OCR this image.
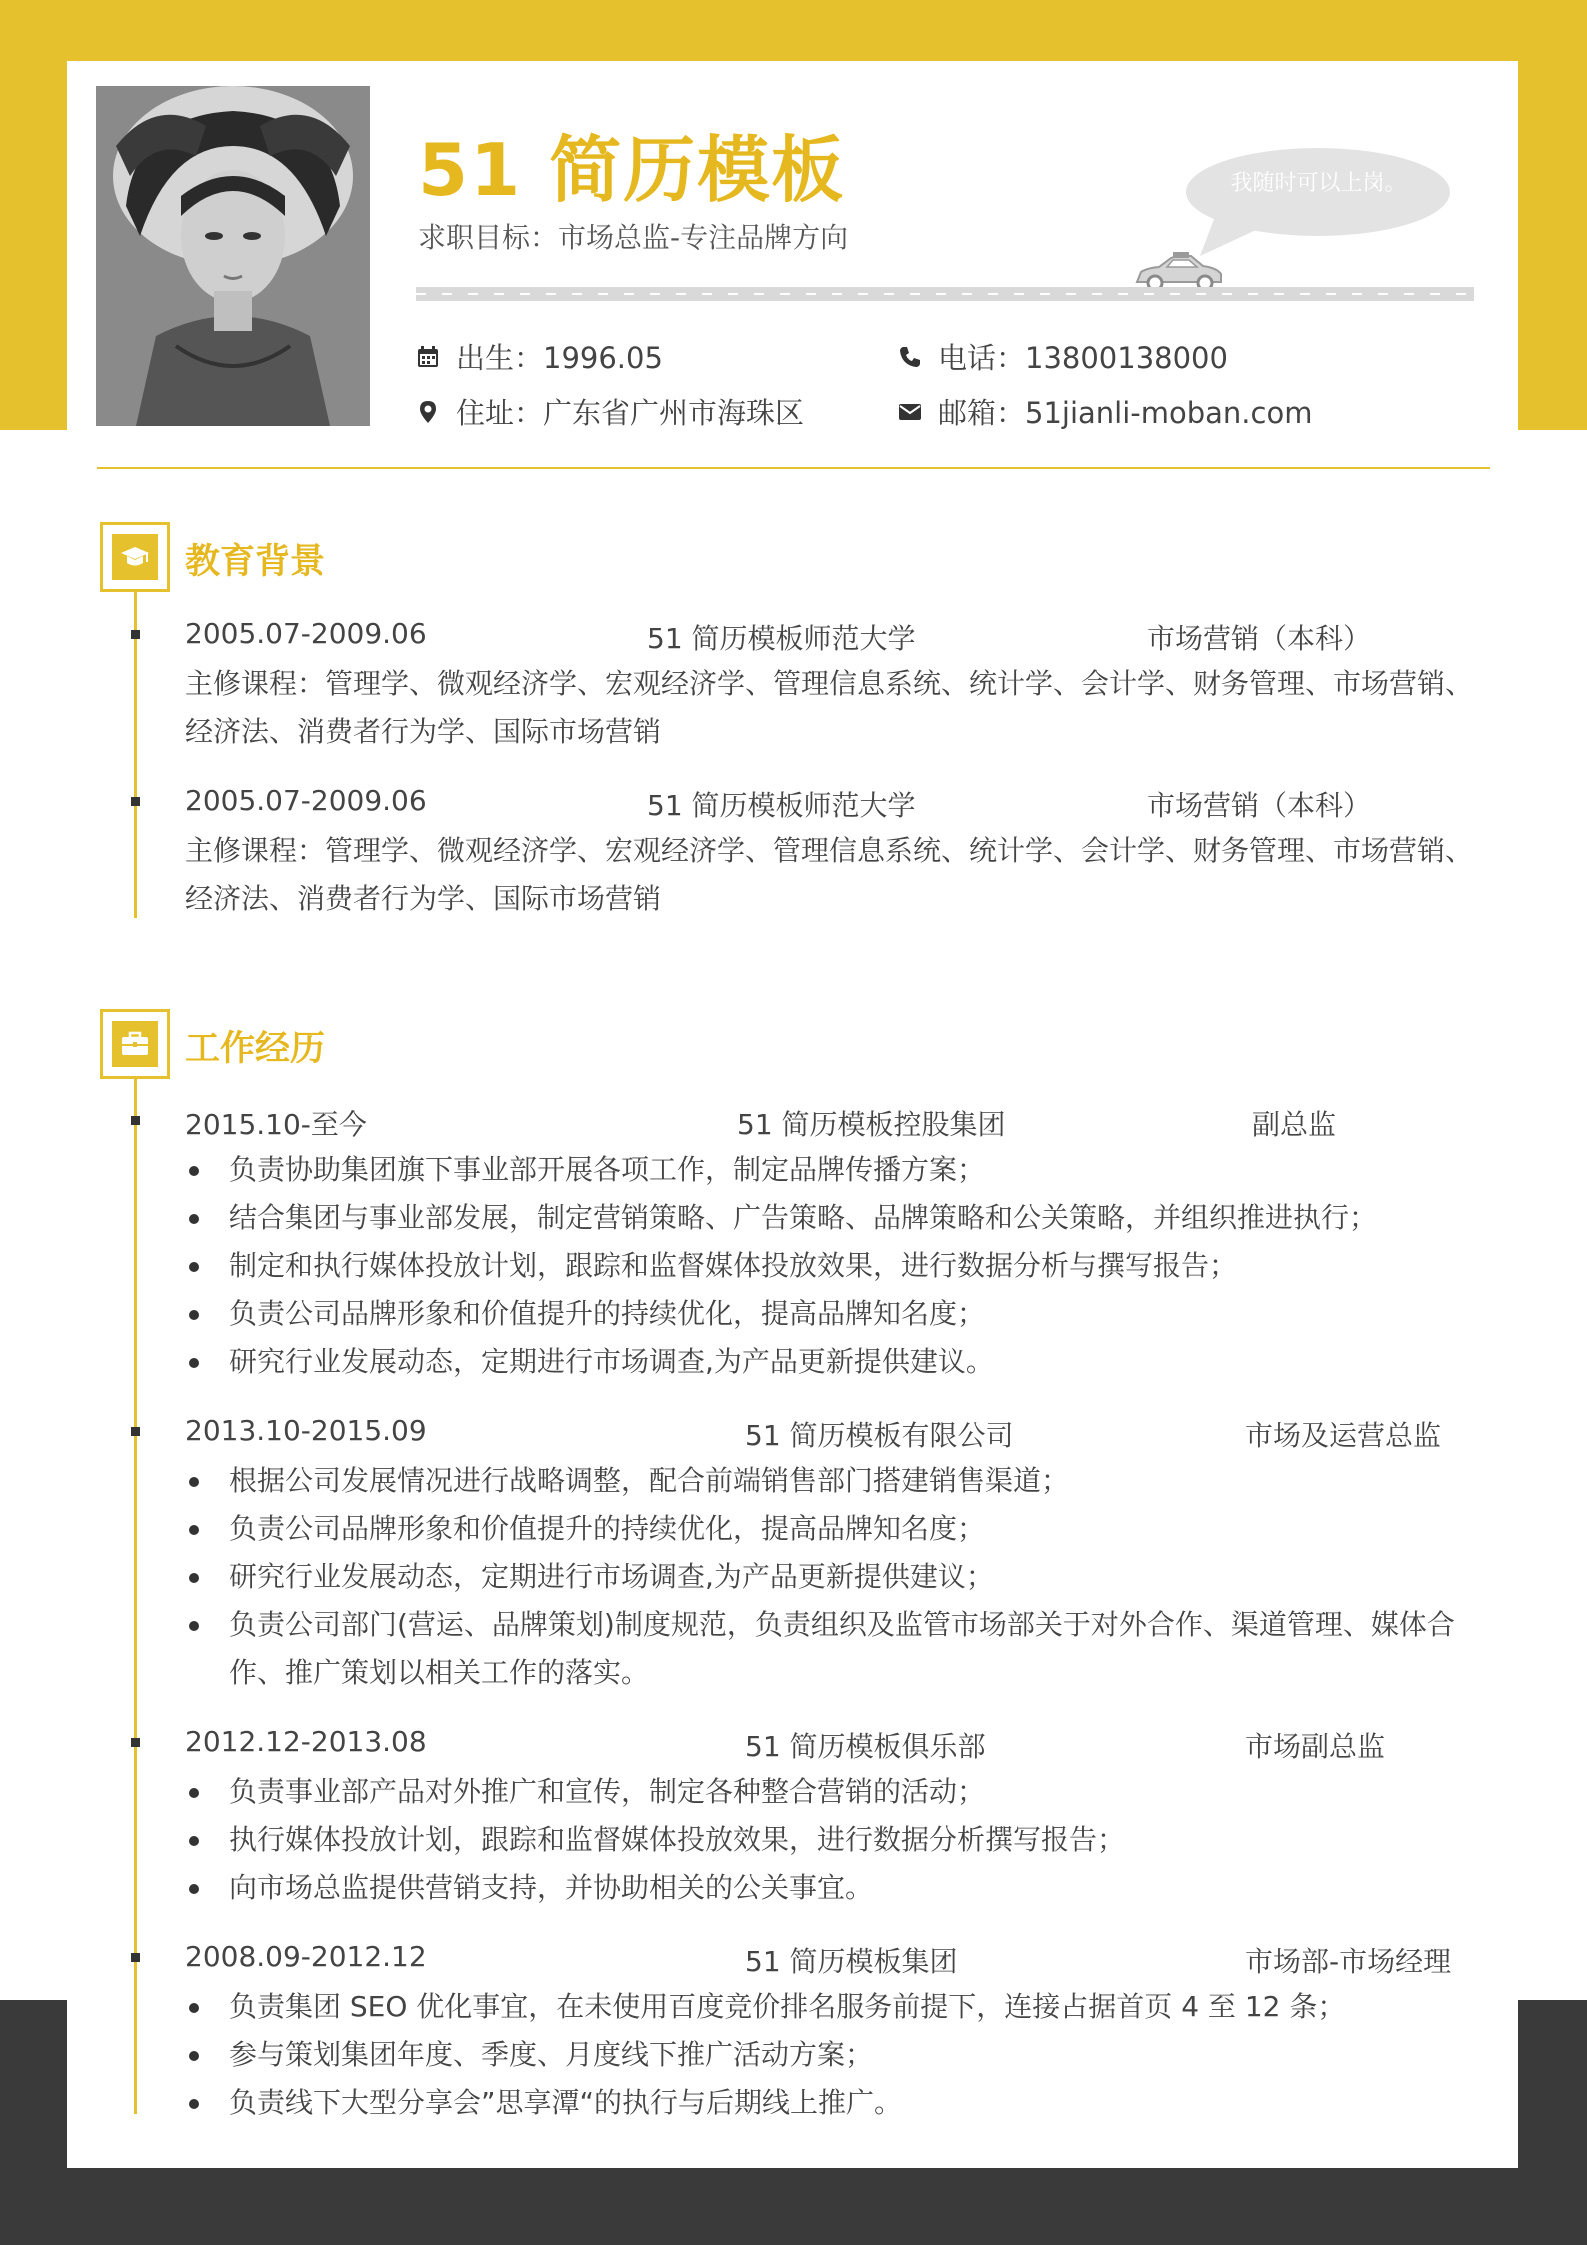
51 简历模板
求职目标：市场总监-专注品牌方向
我随时可以上岗。
出生：1996.05	电话：13800138000
住址：广东省广州市海珠区	邮箱：51jianli-moban.com
教育背景
2005.07-2009.06	51 简历模板师范大学	市场营销（本科）
主修课程：管理学、微观经济学、宏观经济学、管理信息系统、统计学、会计学、财务管理、市场营销、经济法、消费者行为学、国际市场营销
2005.07-2009.06	51 简历模板师范大学	市场营销（本科）
主修课程：管理学、微观经济学、宏观经济学、管理信息系统、统计学、会计学、财务管理、市场营销、经济法、消费者行为学、国际市场营销
工作经历
2015.10-至今	51 简历模板控股集团	副总监
负责协助集团旗下事业部开展各项工作，制定品牌传播方案；
结合集团与事业部发展，制定营销策略、广告策略、品牌策略和公关策略，并组织推进执行；
制定和执行媒体投放计划，跟踪和监督媒体投放效果，进行数据分析与撰写报告；
负责公司品牌形象和价值提升的持续优化，提高品牌知名度；
研究行业发展动态，定期进行市场调查,为产品更新提供建议。
2013.10-2015.09	51 简历模板有限公司	市场及运营总监
根据公司发展情况进行战略调整，配合前端销售部门搭建销售渠道；
负责公司品牌形象和价值提升的持续优化，提高品牌知名度；
研究行业发展动态，定期进行市场调查,为产品更新提供建议；
负责公司部门(营运、品牌策划)制度规范，负责组织及监管市场部关于对外合作、渠道管理、媒体合作、推广策划以相关工作的落实。
2012.12-2013.08	51 简历模板俱乐部	市场副总监
负责事业部产品对外推广和宣传，制定各种整合营销的活动；
执行媒体投放计划，跟踪和监督媒体投放效果，进行数据分析撰写报告；
向市场总监提供营销支持，并协助相关的公关事宜。
2008.09-2012.12	51 简历模板集团	市场部-市场经理
负责集团 SEO 优化事宜，在未使用百度竞价排名服务前提下，连接占据首页 4 至 12 条；
参与策划集团年度、季度、月度线下推广活动方案；
负责线下大型分享会”思享潭“的执行与后期线上推广。
